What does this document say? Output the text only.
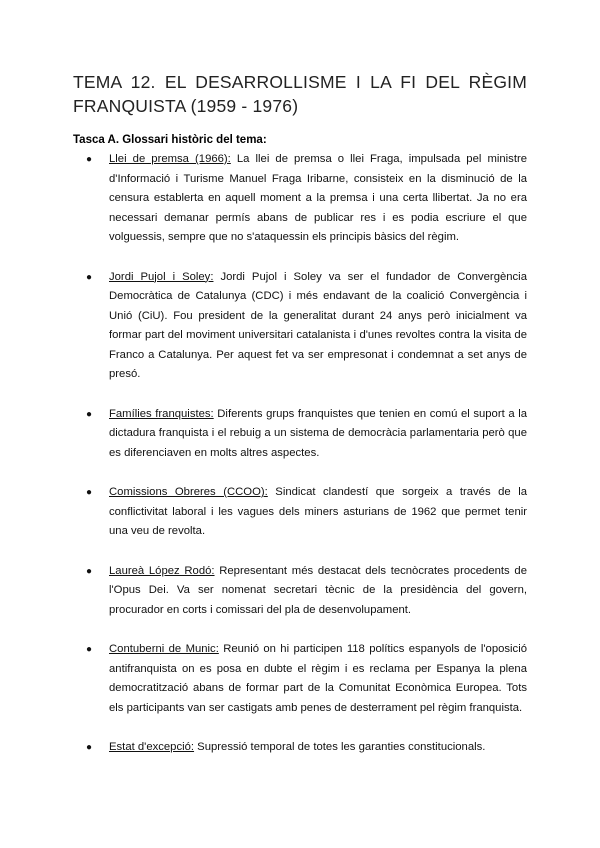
TEMA 12. EL DESARROLLISME I LA FI DEL RÈGIM
FRANQUISTA (1959 - 1976)
Tasca A. Glossari històric del tema:
● Llei de premsa (1966): La llei de premsa o llei Fraga, impulsada pel ministre d'Informació i Turisme Manuel Fraga Iribarne, consisteix en la disminució de la censura establerta en aquell moment a la premsa i una certa llibertat. Ja no era necessari demanar permís abans de publicar res i es podia escriure el que volguessis, sempre que no s'ataquessin els principis bàsics del règim.
● Jordi Pujol i Soley: Jordi Pujol i Soley va ser el fundador de Convergència Democràtica de Catalunya (CDC) i més endavant de la coalició Convergència i Unió (CiU). Fou president de la generalitat durant 24 anys però inicialment va formar part del moviment universitari catalanista i d'unes revoltes contra la visita de Franco a Catalunya. Per aquest fet va ser empresonat i condemnat a set anys de presó.
● Famílies franquistes: Diferents grups franquistes que tenien en comú el suport a la dictadura franquista i el rebuig a un sistema de democràcia parlamentaria però que es diferenciaven en molts altres aspectes.
● Comissions Obreres (CCOO): Sindicat clandestí que sorgeix a través de la conflictivitat laboral i les vagues dels miners asturians de 1962 que permet tenir una veu de revolta.
● Laureà López Rodó: Representant més destacat dels tecnòcrates procedents de l'Opus Dei. Va ser nomenat secretari tècnic de la presidència del govern, procurador en corts i comissari del pla de desenvolupament.
● Contuberni de Munic: Reunió on hi participen 118 polítics espanyols de l'oposició antifranquista on es posa en dubte el règim i es reclama per Espanya la plena democratització abans de formar part de la Comunitat Econòmica Europea. Tots els participants van ser castigats amb penes de desterrament pel règim franquista.
● Estat d'excepció: Supressió temporal de totes les garanties constitucionals.
